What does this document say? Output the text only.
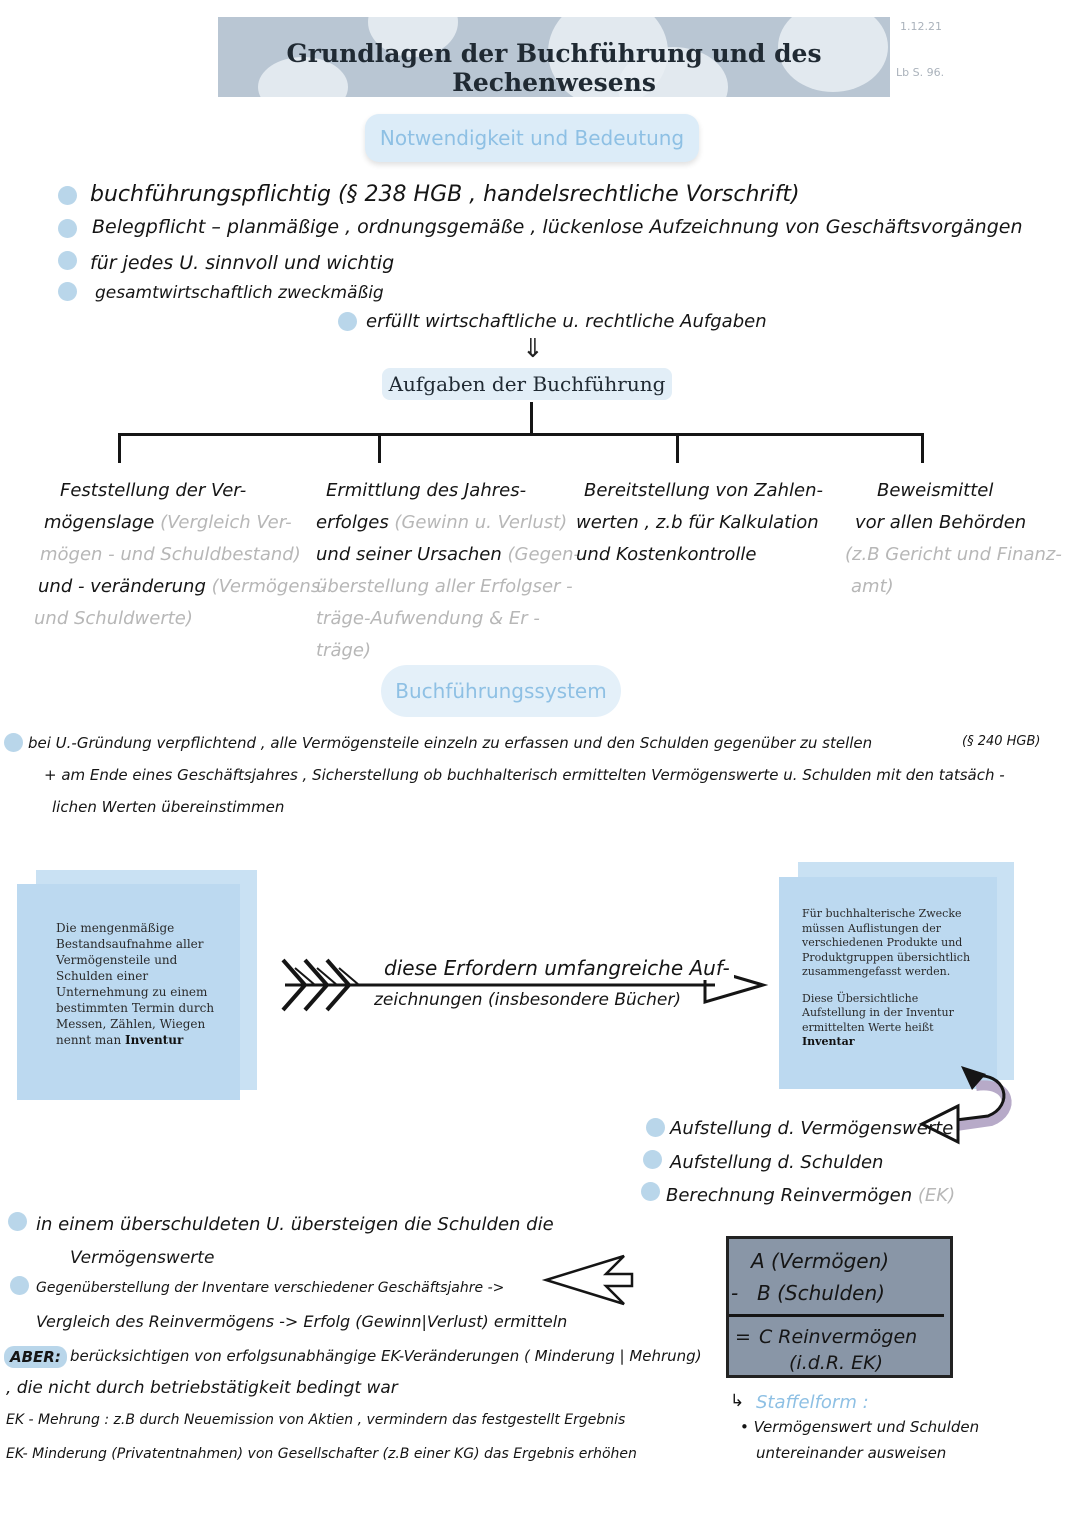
Grundlagen der Buchführung und des Rechenwesens
1.12.21
Lb S. 96.
Notwendigkeit und Bedeutung
buchführungspflichtig (§ 238 HGB , handelsrechtliche Vorschrift)
Belegpflicht – planmäßige , ordnungsgemäße , lückenlose Aufzeichnung von Geschäftsvorgängen
für jedes U. sinnvoll und wichtig
gesamtwirtschaftlich zweckmäßig
erfüllt wirtschaftliche u. rechtliche Aufgaben
⇓
Aufgaben der Buchführung
Feststellung der Ver-
mögenslage (Vergleich Ver-
mögen - und Schuldbestand)
und - veränderung (Vermögens-
und Schuldwerte)
Ermittlung des Jahres-
erfolges (Gewinn u. Verlust)
und seiner Ursachen (Gegen-
überstellung aller Erfolgser -
träge-Aufwendung & Er -
träge)
Bereitstellung von Zahlen-
werten , z.b für Kalkulation
und Kostenkontrolle
Beweismittel
vor allen Behörden
(z.B Gericht und Finanz-
amt)
Buchführungssystem
bei U.-Gründung verpflichtend , alle Vermögensteile einzeln zu erfassen und den Schulden gegenüber zu stellen	(§ 240 HGB)
+ am Ende eines Geschäftsjahres , Sicherstellung ob buchhalterisch ermittelten Vermögenswerte u. Schulden mit den tatsäch -
lichen Werten übereinstimmen
Die mengenmäßige Bestandsaufnahme aller Vermögensteile und Schulden einer Unternehmung zu einem bestimmten Termin durch Messen, Zählen, Wiegen nennt man Inventur
diese Erfordern umfangreiche Auf-
zeichnungen (insbesondere Bücher)
Für buchhalterische Zwecke müssen Auflistungen der verschiedenen Produkte und Produktgruppen übersichtlich zusammengefasst werden.
Diese Übersichtliche Aufstellung in der Inventur ermittelten Werte heißt Inventar
Aufstellung d. Vermögenswerte
Aufstellung d. Schulden
Berechnung Reinvermögen (EK)
A (Vermögen)
- B (Schulden)
= C Reinvermögen
(i.d.R. EK)
↳ Staffelform :
• Vermögenswert und Schulden
untereinander ausweisen
in einem überschuldeten U. übersteigen die Schulden die
Vermögenswerte
Gegenüberstellung der Inventare verschiedener Geschäftsjahre ->
Vergleich des Reinvermögens -> Erfolg (Gewinn|Verlust) ermitteln
ABER: berücksichtigen von erfolgsunabhängige EK-Veränderungen ( Minderung | Mehrung)
, die nicht durch betriebstätigkeit bedingt war
EK - Mehrung : z.B durch Neuemission von Aktien , vermindern das festgestellt Ergebnis
EK- Minderung (Privatentnahmen) von Gesellschafter (z.B einer KG) das Ergebnis erhöhen
